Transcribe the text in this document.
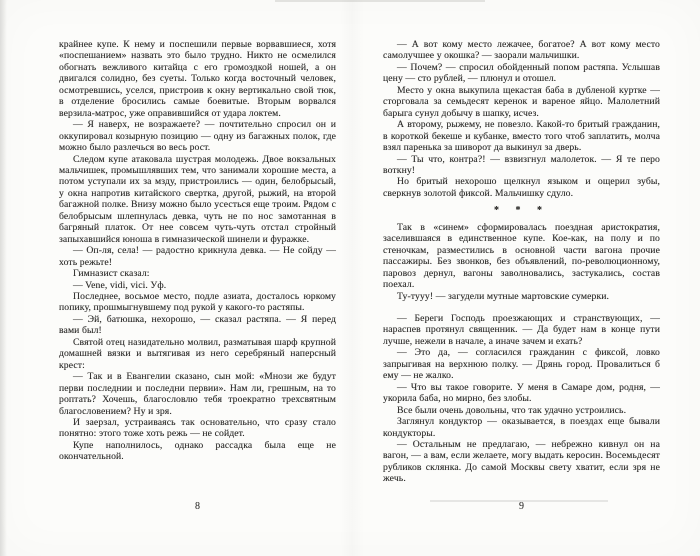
крайнее купе. К нему и поспешили первые ворвавшиеся, хотя «поспешанием» назвать это было трудно. Никто не осмелился обогнать вежливого китайца с его громоздкой ношей, а он двигался солидно, без суеты. Только когда восточный человек, осмотревшись, уселся, пристроив к окну вертикально свой тюк, в отделение бросились самые боевитые. Вторым ворвался верзила-матрос, уже оправившийся от удара локтем.

— Я наверх, не возражаете? — почтительно спросил он и оккупировал козырную позицию — одну из багажных полок, где можно было разлечься во весь рост.

Следом купе атаковала шустрая молодежь. Двое вокзальных мальчишек, промышлявших тем, что занимали хорошие места, а потом уступали их за мзду, пристроились — один, белобрысый, у окна напротив китайского свертка, другой, рыжий, на второй багажной полке. Внизу можно было усесться еще троим. Рядом с белобрысым шлепнулась девка, чуть не по нос замотанная в багряный платок. От нее совсем чуть-чуть отстал стройный запыхавшийся юноша в гимназической шинели и фуражке.

— Оп-ля, села! — радостно крикнула девка. — Не сойду — хоть режьте!

Гимназист сказал:

— Vene, vidi, vici. Уф.

Последнее, восьмое место, подле азиата, досталось юркому попику, прошмыгнувшему под рукой у какого-то растяпы.

— Эй, батюшка, нехорошо, — сказал растяпа. — Я перед вами был!

Святой отец назидательно молвил, разматывая шарф крупной домашней вязки и вытягивая из него серебряный наперсный крест:

— Так и в Евангелии сказано, сын мой: «Мнози же будут перви последнии и последни первии». Нам ли, грешным, на то роптать? Хочешь, благословлю тебя троекратно трехсвятным благословением? Ну и зря.

И заерзал, устраиваясь так основательно, что сразу стало понятно: этого тоже хоть режь — не сойдет.

Купе наполнилось, однако рассадка была еще не окончательной.

— А вот кому место лежачее, богатое? А вот кому место самолучшее у окошка? — заорали мальчишки.

— Почем? — спросил обойденный попом растяпа. Услышав цену — сто рублей, — плюнул и отошел.

Место у окна выкупила щекастая баба в дубленой куртке — сторговала за семьдесят керенок и вареное яйцо. Малолетний барыга сунул добычу в шапку, исчез.

А второму, рыжему, не повезло. Какой-то бритый гражданин, в короткой бекеше и кубанке, вместо того чтоб заплатить, молча взял паренька за шиворот да выкинул за дверь.

— Ты что, контра?! — взвизгнул малолеток. — Я те перо воткну!

Но бритый нехорошо щелкнул языком и ощерил зубы, сверкнув золотой фиксой. Мальчишку сдуло.

* * *

Так в «синем» сформировалась поездная аристократия, заселившаяся в единственное купе. Кое-как, на полу и по стеночкам, разместились в основной части вагона прочие пассажиры. Без звонков, без объявлений, по-революционному, паровоз дернул, вагоны заволновались, застукались, состав поехал.

Ту-тууу! — загудели мутные мартовские сумерки.

— Береги Господь проезжающих и странствующих, — нараспев протянул священник. — Да будет нам в конце пути лучше, нежели в начале, а иначе зачем и ехать?

— Это да, — согласился гражданин с фиксой, ловко запрыгивая на верхнюю полку. — Дрянь город. Провалиться б ему — не жалко.

— Что вы такое говорите. У меня в Самаре дом, родня, — укорила баба, но мирно, без злобы.

Все были очень довольны, что так удачно устроились.

Заглянул кондуктор — оказывается, в поездах еще бывали кондукторы.

— Остальным не предлагаю, — небрежно кивнул он на вагон, — а вам, если желаете, могу выдать керосин. Восемьдесят рубликов склянка. До самой Москвы свету хватит, если зря не жечь.

8	9
